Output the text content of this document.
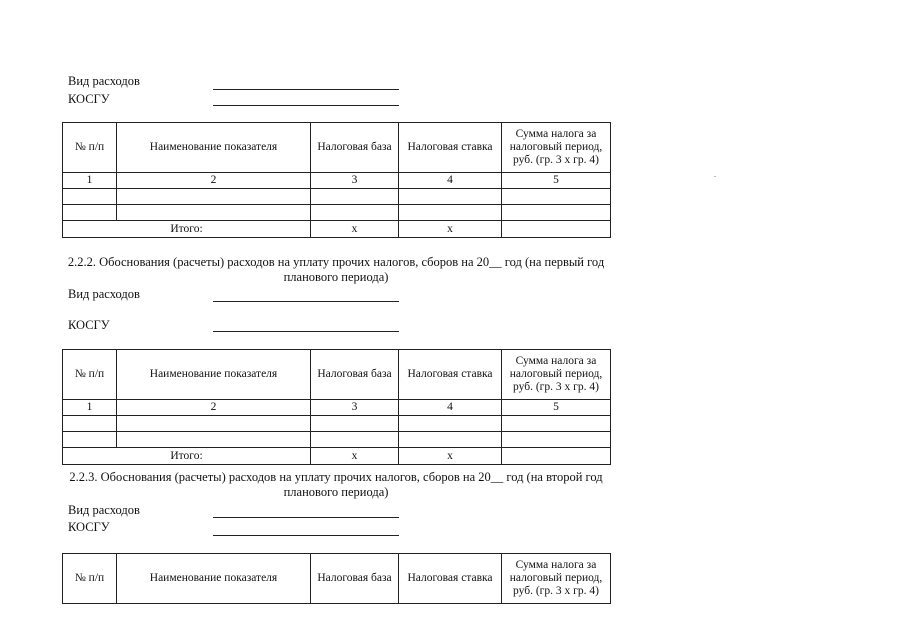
Вид расходов
КОСГУ
№ п/п	Наименование показателя	Налоговая база	Налоговая ставка	Сумма налога за налоговый период, руб. (гр. 3 х гр. 4)
1	2	3	4	5

Итого:		х	х	
2.2.2. Обоснования (расчеты) расходов на уплату прочих налогов, сборов на 20__ год (на первый год планового периода)
Вид расходов
КОСГУ
№ п/п	Наименование показателя	Налоговая база	Налоговая ставка	Сумма налога за налоговый период, руб. (гр. 3 х гр. 4)
1	2	3	4	5

Итого:		х	х	
2.2.3. Обоснования (расчеты) расходов на уплату прочих налогов, сборов на 20__ год (на второй год планового периода)
Вид расходов
КОСГУ
№ п/п	Наименование показателя	Налоговая база	Налоговая ставка	Сумма налога за налоговый период, руб. (гр. 3 х гр. 4)
